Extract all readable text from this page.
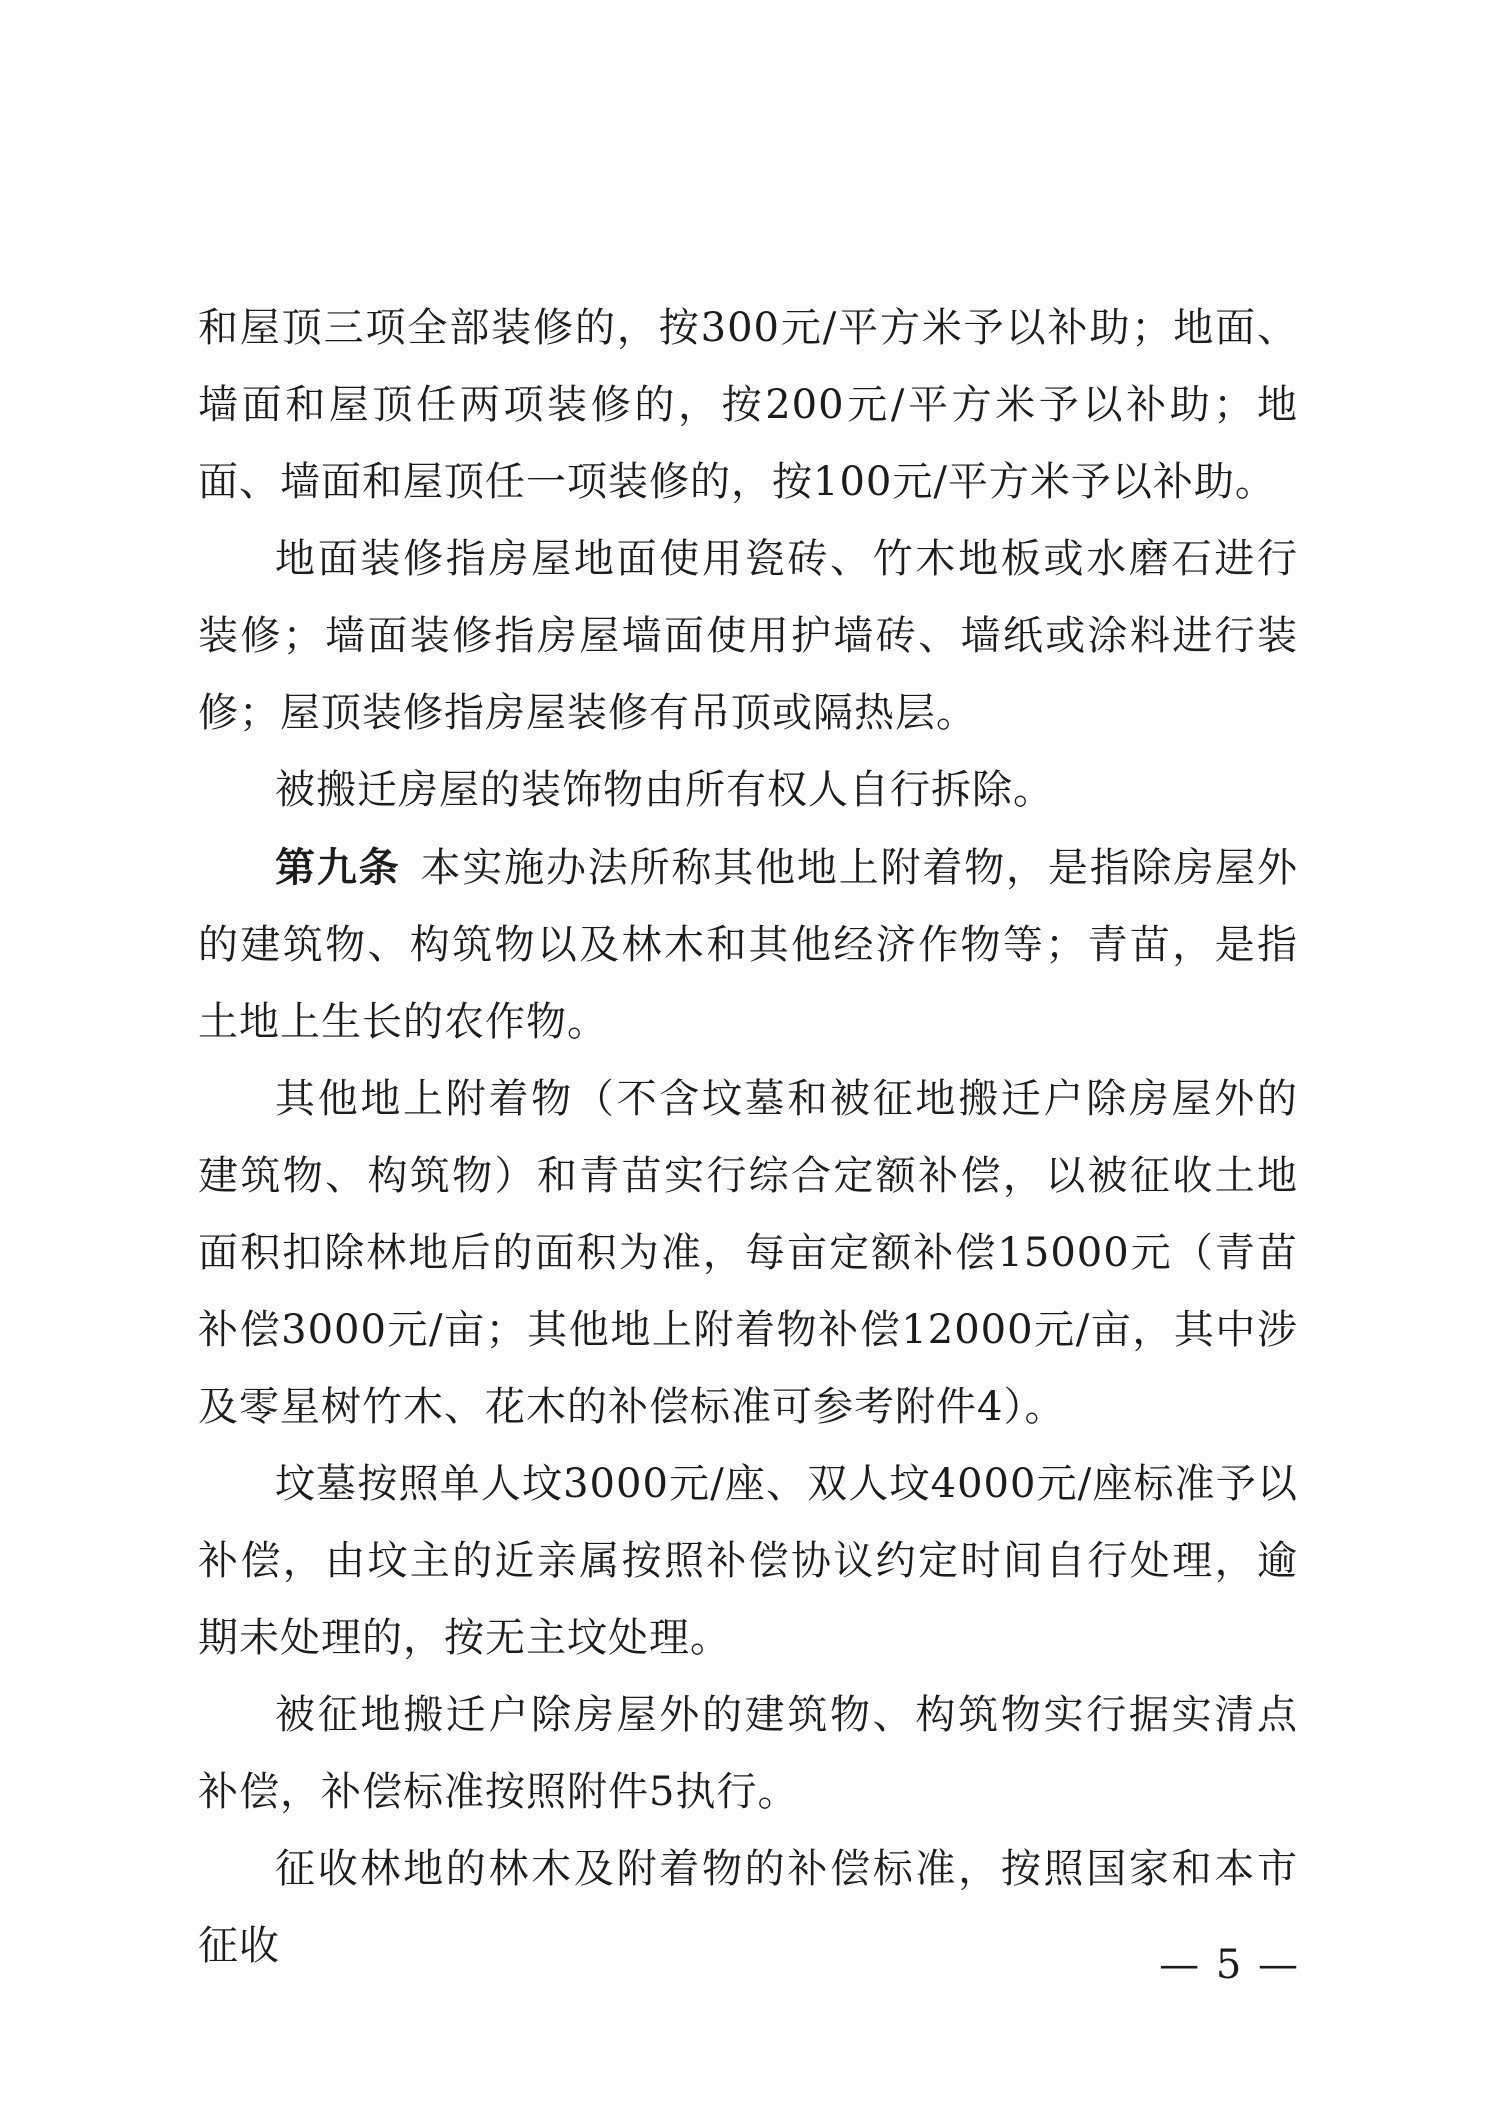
和屋顶三项全部装修的，按300元/平方米予以补助；地面、墙面和屋顶任两项装修的，按200元/平方米予以补助；地面、墙面和屋顶任一项装修的，按100元/平方米予以补助。

地面装修指房屋地面使用瓷砖、竹木地板或水磨石进行装修；墙面装修指房屋墙面使用护墙砖、墙纸或涂料进行装修；屋顶装修指房屋装修有吊顶或隔热层。

被搬迁房屋的装饰物由所有权人自行拆除。

第九条 本实施办法所称其他地上附着物，是指除房屋外的建筑物、构筑物以及林木和其他经济作物等；青苗，是指土地上生长的农作物。

其他地上附着物（不含坟墓和被征地搬迁户除房屋外的建筑物、构筑物）和青苗实行综合定额补偿，以被征收土地面积扣除林地后的面积为准，每亩定额补偿15000元（青苗补偿3000元/亩；其他地上附着物补偿12000元/亩，其中涉及零星树竹木、花木的补偿标准可参考附件4）。

坟墓按照单人坟3000元/座、双人坟4000元/座标准予以补偿，由坟主的近亲属按照补偿协议约定时间自行处理，逾期未处理的，按无主坟处理。

被征地搬迁户除房屋外的建筑物、构筑物实行据实清点补偿，补偿标准按照附件5执行。

征收林地的林木及附着物的补偿标准，按照国家和本市征收	— 5 —
